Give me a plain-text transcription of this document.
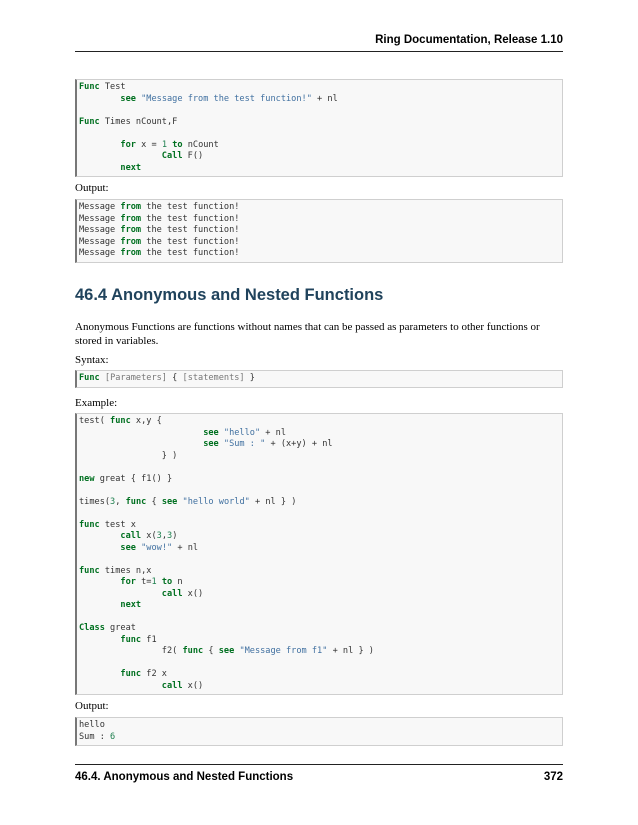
Ring Documentation, Release 1.10
Func Test
see "Message from the test function!" + nl

Func Times nCount,F

for x = 1 to nCount
Call F()
next
Output:
Message from the test function!
Message from the test function!
Message from the test function!
Message from the test function!
Message from the test function!
46.4 Anonymous and Nested Functions
Anonymous Functions are functions without names that can be passed as parameters to other functions or stored in variables.
Syntax:
Func [Parameters] { [statements] }
Example:
test( func x,y {
see "hello" + nl
see "Sum : " + (x+y) + nl
} )

new great { f1() }

times(3, func { see "hello world" + nl } )

func test x
call x(3,3)
see "wow!" + nl

func times n,x
for t=1 to n
call x()
next

Class great
func f1
f2( func { see "Message from f1" + nl } )

func f2 x
call x()
Output:
hello
Sum : 6
46.4. Anonymous and Nested Functions	372
